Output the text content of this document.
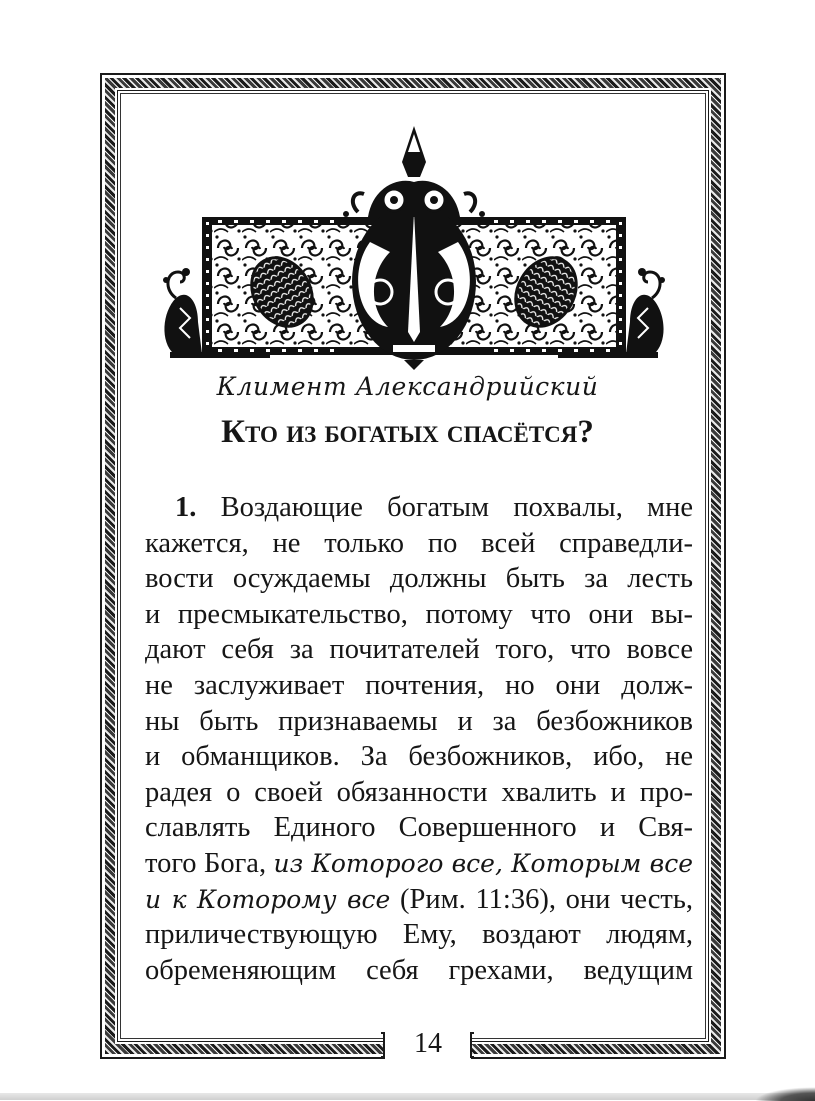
Климент Александрийский
Кто из богатых спасётся?
1. Воздающие богатым похвалы, мне
кажется, не только по всей справедли-
вости осуждаемы должны быть за лесть
и пресмыкательство, потому что они вы-
дают себя за почитателей того, что вовсе
не заслуживает почтения, но они долж-
ны быть признаваемы и за безбожников
и обманщиков. За безбожников, ибо, не
радея о своей обязанности хвалить и про-
славлять Единого Совершенного и Свя-
того Бога, из Которого все, Которым все
и к Которому все (Рим. 11:36), они честь,
приличествующую Ему, воздают людям,
обременяющим себя грехами, ведущим
14
